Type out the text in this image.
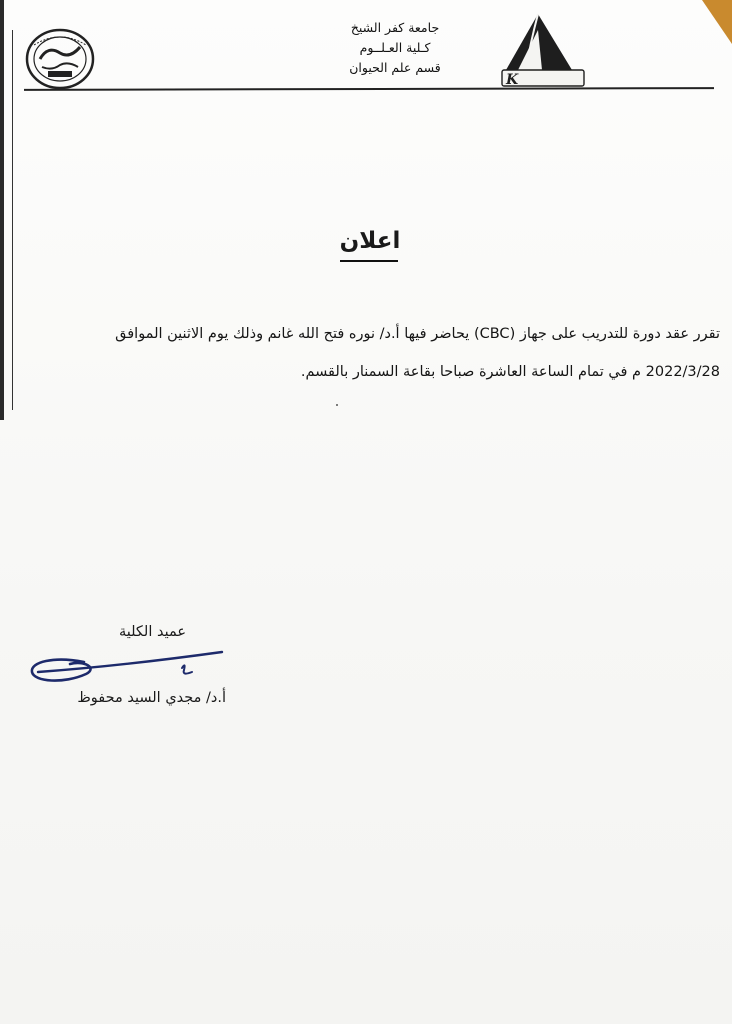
جامعة كفر الشيخ
كـلية العـلــوم
قسم علم الحيوان
K
اعلان
تقرر عقد دورة للتدريب على جهاز (CBC) يحاضر فيها أ.د/ نوره فتح الله غانم وذلك يوم الاثنين الموافق
2022/3/28 م في تمام الساعة العاشرة صباحا بقاعة السمنار بالقسم.
عميد الكلية
أ.د/ مجدي السيد محفوظ
